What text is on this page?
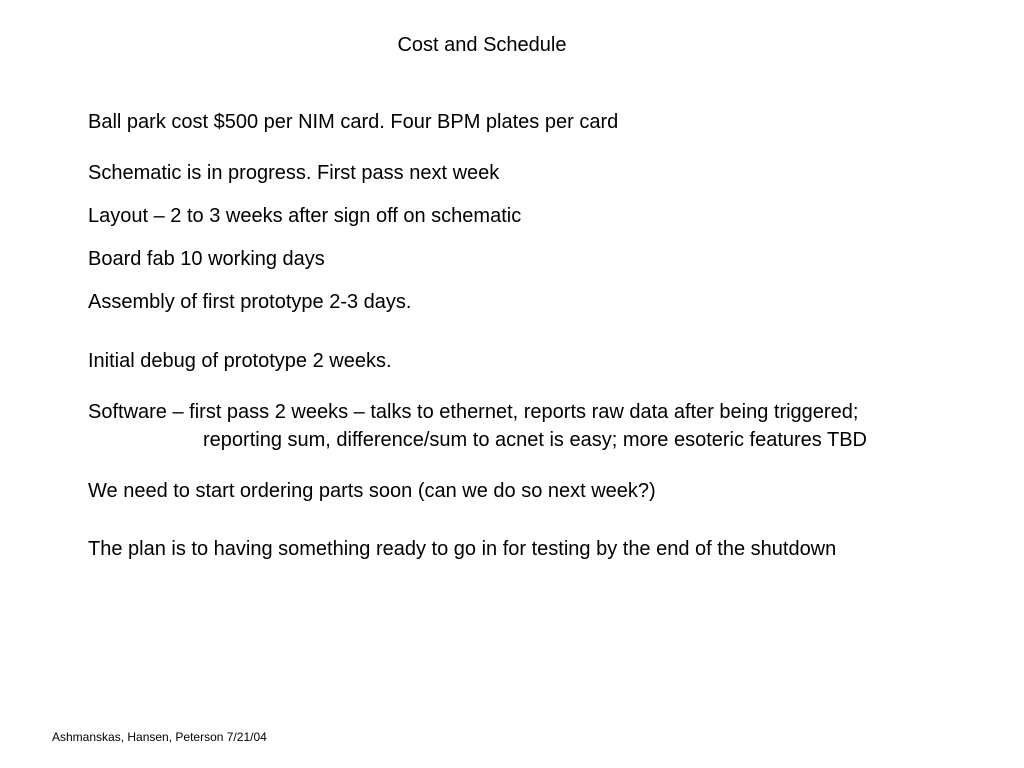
Cost and Schedule
Ball park cost $500 per NIM card. Four BPM plates per card
Schematic is in progress. First pass next week
Layout – 2 to 3 weeks after sign off on schematic
Board fab 10 working days
Assembly of first prototype 2-3 days.
Initial debug of prototype 2 weeks.
Software – first pass 2 weeks – talks to ethernet, reports raw data after being triggered;
reporting sum, difference/sum to acnet is easy; more esoteric features TBD
We need to start ordering parts soon (can we do so next week?)
The plan is to having something ready to go in for testing by the end of the shutdown
Ashmanskas, Hansen, Peterson 7/21/04
